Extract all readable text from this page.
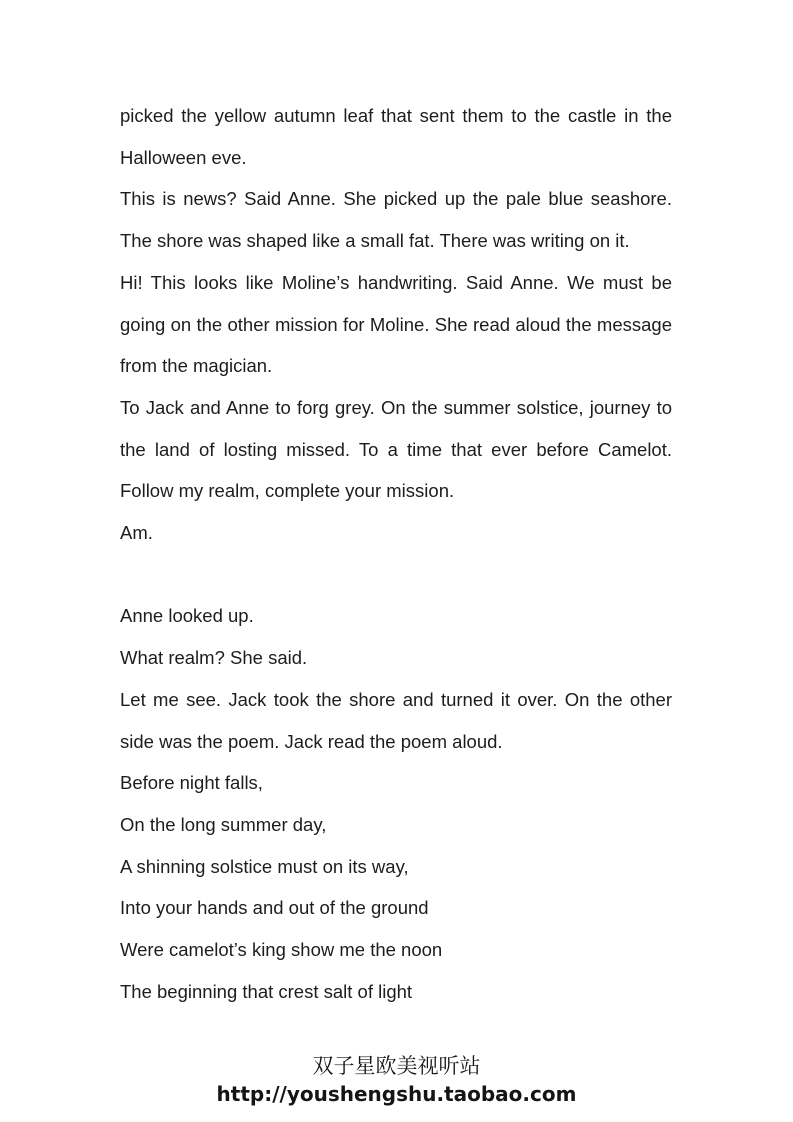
picked the yellow autumn leaf that sent them to the castle in the Halloween eve.

This is news? Said Anne. She picked up the pale blue seashore. The shore was shaped like a small fat. There was writing on it.

Hi! This looks like Moline’s handwriting. Said Anne. We must be going on the other mission for Moline. She read aloud the message from the magician.

To Jack and Anne to forg grey. On the summer solstice, journey to the land of losting missed. To a time that ever before Camelot. Follow my realm, complete your mission.

Am.

Anne looked up.

What realm? She said.

Let me see. Jack took the shore and turned it over. On the other side was the poem. Jack read the poem aloud.

Before night falls,

On the long summer day,

A shinning solstice must on its way,

Into your hands and out of the ground

Were camelot’s king show me the noon

The beginning that crest salt of light

双子星欧美视听站
http://youshengshu.taobao.com
